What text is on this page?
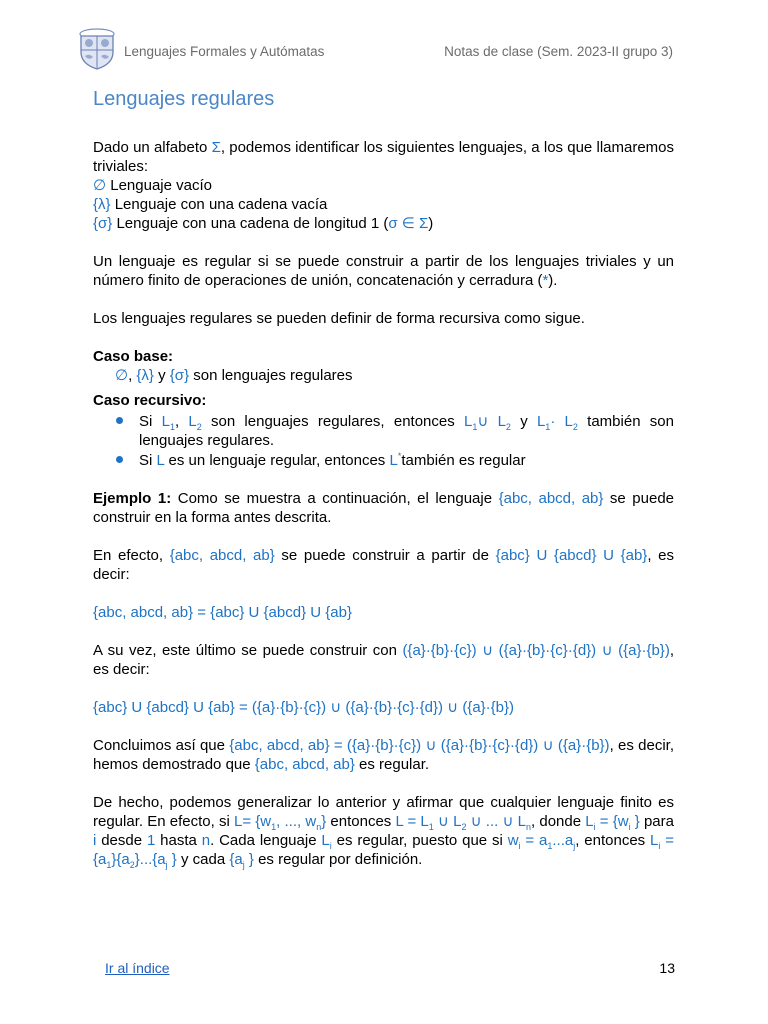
Lenguajes Formales y Autómatas	Notas de clase (Sem. 2023-II grupo 3)
Lenguajes regulares

Dado un alfabeto Σ, podemos identificar los siguientes lenguajes, a los que llamaremos triviales:

∅ Lenguaje vacío

{λ} Lenguaje con una cadena vacía

{σ} Lenguaje con una cadena de longitud 1 (σ ∈ Σ)

Un lenguaje es regular si se puede construir a partir de los lenguajes triviales y un número finito de operaciones de unión, concatenación y cerradura (*).

Los lenguajes regulares se pueden definir de forma recursiva como sigue.

Caso base:

∅, {λ} y {σ} son lenguajes regulares

Caso recursivo:

Si $L_1$, $L_2$ son lenguajes regulares, entonces $L_1\cup$ $L_2$ y $L_1\cdot L_2$ también son lenguajes regulares.
Si L es un lenguaje regular, entonces L*también es regular

Ejemplo 1: Como se muestra a continuación, el lenguaje {abc, abcd, ab} se puede construir en la forma antes descrita.

En efecto, {abc, abcd, ab} se puede construir a partir de {abc} U {abcd} U {ab}, es decir:

{abc, abcd, ab} = {abc} U {abcd} U {ab}

A su vez, este último se puede construir con ({a}·{b}·{c}) ∪ ({a}·{b}·{c}·{d}) ∪ ({a}·{b}), es decir:

{abc} U {abcd} U {ab} = ({a}·{b}·{c}) ∪ ({a}·{b}·{c}·{d}) ∪ ({a}·{b})

Concluimos así que {abc, abcd, ab} = ({a}·{b}·{c}) ∪ ({a}·{b}·{c}·{d}) ∪ ({a}·{b}), es decir, hemos demostrado que {abc, abcd, ab} es regular.

De hecho, podemos generalizar lo anterior y afirmar que cualquier lenguaje finito es regular. En efecto, si $L= \{w_1$, ..., $w_n$} entonces $L = L_1$ ∪ $L_2$ ∪ ... ∪ $L_n$, donde $L_i = \{w_i$ } para i desde 1 hasta n. Cada lenguaje $L_i$ es regular, puesto que si $w_i = a_1...a_j$, entonces $L_i = \{a_1\}\{a_2\}...\{a_j$ } y cada {$a_j$ } es regular por definición.

Ir al índice	13
